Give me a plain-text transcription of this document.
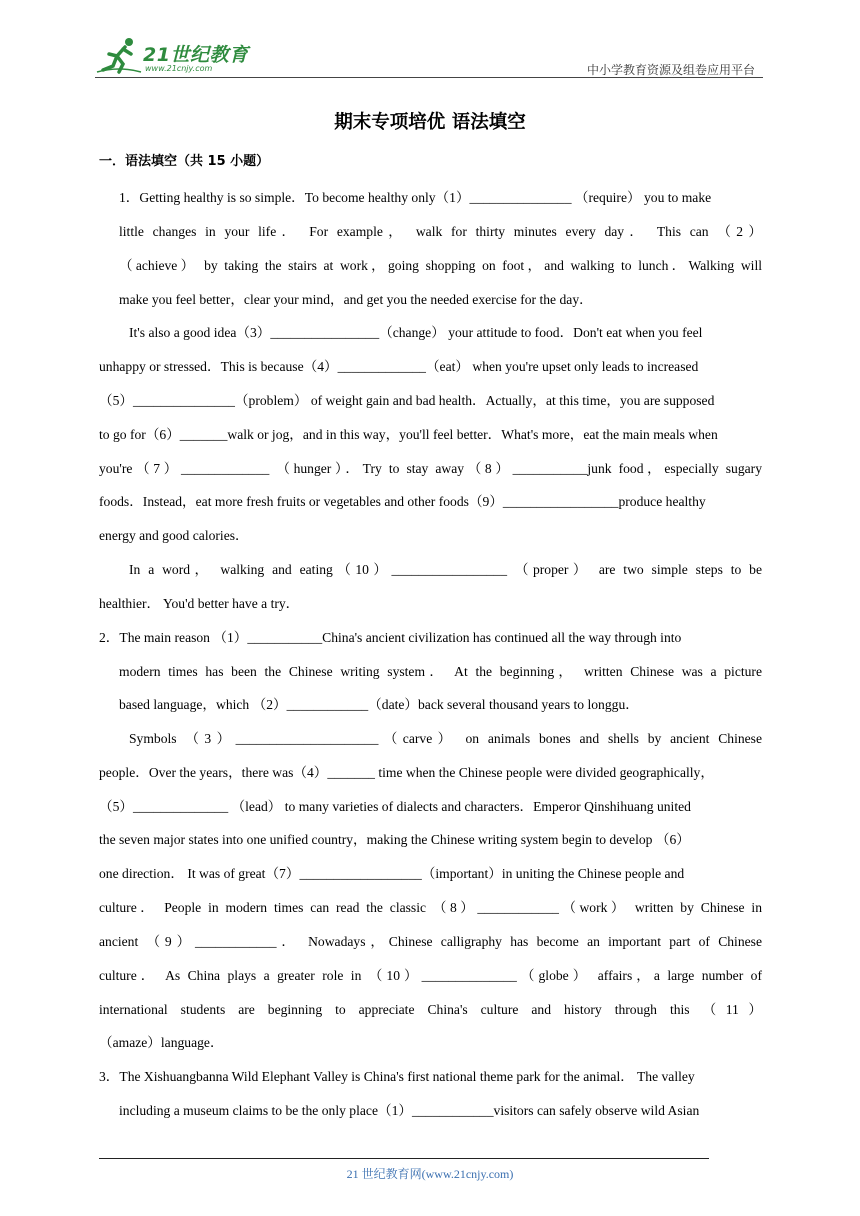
21世纪教育
www.21cnjy.com	中小学教育资源及组卷应用平台
期末专项培优 语法填空
一．语法填空（共 15 小题）
1．Getting healthy is so simple．To become healthy only（1）_______________ （require） you to make
little changes in your life． For example， walk for thirty minutes every day． This can （2）
（achieve） by taking the stairs at work，going shopping on foot，and walking to lunch．Walking will
make you feel better，clear your mind，and get you the needed exercise for the day．
It's also a good idea（3）________________（change） your attitude to food．Don't eat when you feel
unhappy or stressed．This is because（4）_____________（eat） when you're upset only leads to increased
（5）_______________（problem） of weight gain and bad health．Actually，at this time，you are supposed
to go for（6）_______walk or jog，and in this way，you'll feel better．What's more，eat the main meals when
you're（7）_____________ （hunger）．Try to stay away（8）___________junk food，especially sugary
foods．Instead，eat more fresh fruits or vegetables and other foods（9）_________________produce healthy
energy and good calories．
In a word， walking and eating（10）_________________ （proper） are two simple steps to be
healthier． You'd better have a try．
2．The main reason （1）___________China's ancient civilization has continued all the way through into
modern times has been the Chinese writing system． At the beginning， written Chinese was a picture
based language，which （2）____________（date）back several thousand years to longgu．
Symbols （3）_____________________（carve） on animals bones and shells by ancient Chinese
people．Over the years，there was（4）_______ time when the Chinese people were divided geographically，
（5）______________ （lead） to many varieties of dialects and characters．Emperor Qinshihuang united
the seven major states into one unified country，making the Chinese writing system begin to develop （6）
one direction． It was of great（7）__________________（important）in uniting the Chinese people and
culture． People in modern times can read the classic （8）____________（work） written by Chinese in
ancient （9）____________． Nowadays，Chinese calligraphy has become an important part of Chinese
culture． As China plays a greater role in （10）______________（globe） affairs，a large number of
international students are beginning to appreciate China's culture and history through this （11）
（amaze）language．
3．The Xishuangbanna Wild Elephant Valley is China's first national theme park for the animal． The valley
including a museum claims to be the only place（1）____________visitors can safely observe wild Asian
21 世纪教育网(www.21cnjy.com)
